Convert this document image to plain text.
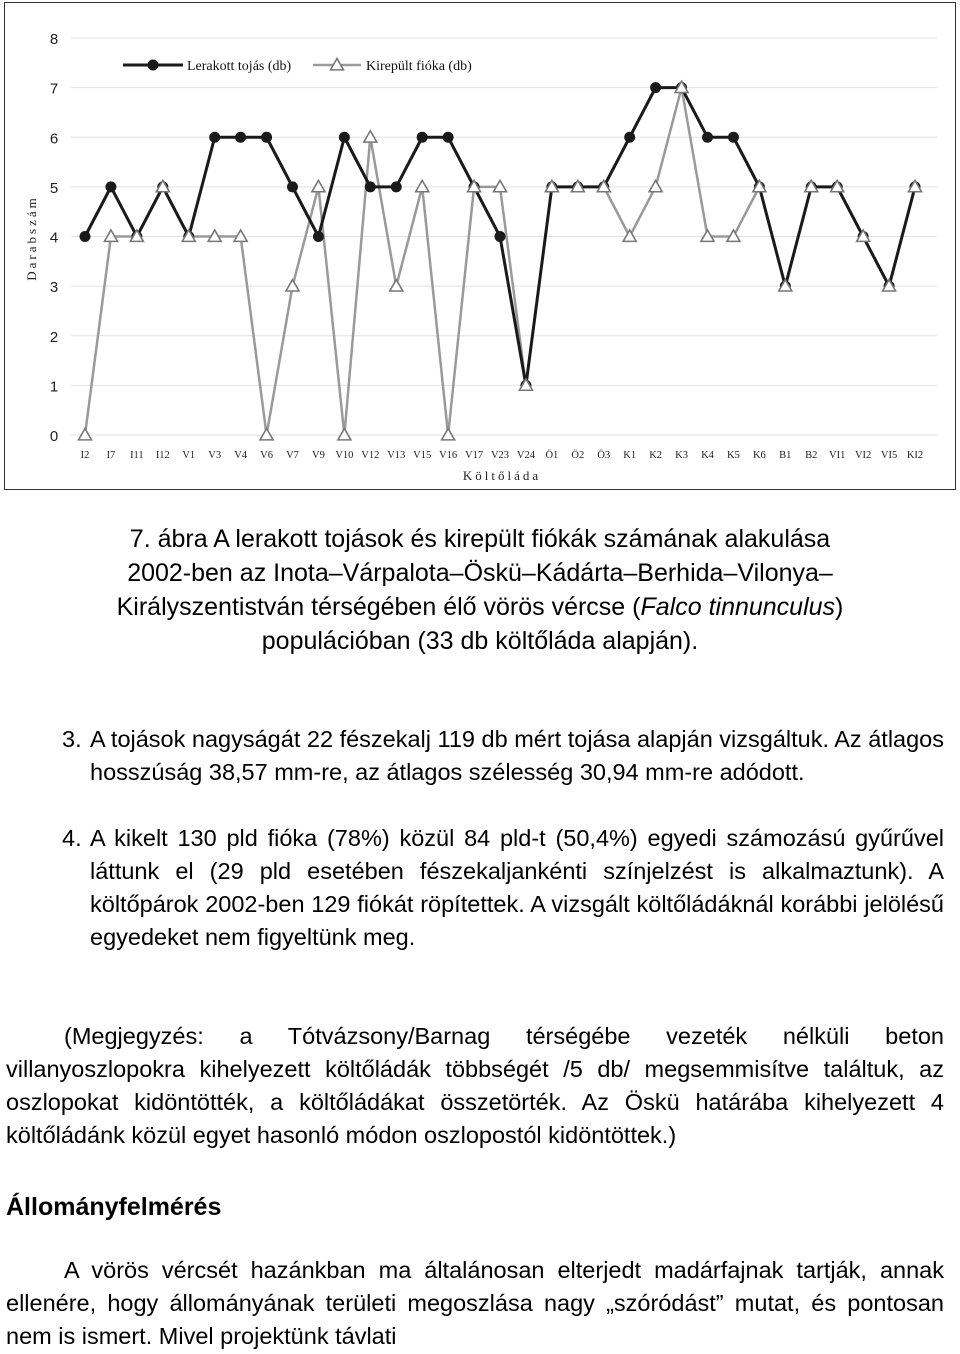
0
1
2
3
4
5
6
7
8
I2 I7 I11 I12 V1 V3 V4 V6 V7 V9 V10 V12 V13 V15 V16 V17 V23 V24 Ö1 Ö2 Ö3 K1 K2 K3 K4 K5 K6 B1 B2 VI1 VI2 VI5 KI2
Darabszám
Költőláda
Lerakott tojás (db)	Kirepült fióka (db)
7. ábra A lerakott tojások és kirepült fiókák számának alakulása
2002-ben az Inota–Várpalota–Öskü–Kádárta–Berhida–Vilonya–
Királyszentistván térségében élő vörös vércse (Falco tinnunculus)
populációban (33 db költőláda alapján).
3. A tojások nagyságát 22 fészekalj 119 db mért tojása alapján vizsgáltuk. Az átlagos hosszúság 38,57 mm-re, az átlagos szélesség 30,94 mm-re adódott.
4. A kikelt 130 pld fióka (78%) közül 84 pld-t (50,4%) egyedi számozású gyűrűvel láttunk el (29 pld esetében fészekaljankénti színjelzést is alkalmaztunk). A költőpárok 2002-ben 129 fiókát röpítettek. A vizsgált költőládáknál korábbi jelölésű egyedeket nem figyeltünk meg.
(Megjegyzés: a Tótvázsony/Barnag térségébe vezeték nélküli beton villanyoszlopokra kihelyezett költőládák többségét /5 db/ megsemmisítve találtuk, az oszlopokat kidöntötték, a költőládákat összetörték. Az Öskü határába kihelyezett 4 költőládánk közül egyet hasonló módon oszlopostól kidöntöttek.)
Állományfelmérés
A vörös vércsét hazánkban ma általánosan elterjedt madárfajnak tartják, annak ellenére, hogy állományának területi megoszlása nagy „szóródást” mutat, és pontosan nem is ismert. Mivel projektünk távlati
